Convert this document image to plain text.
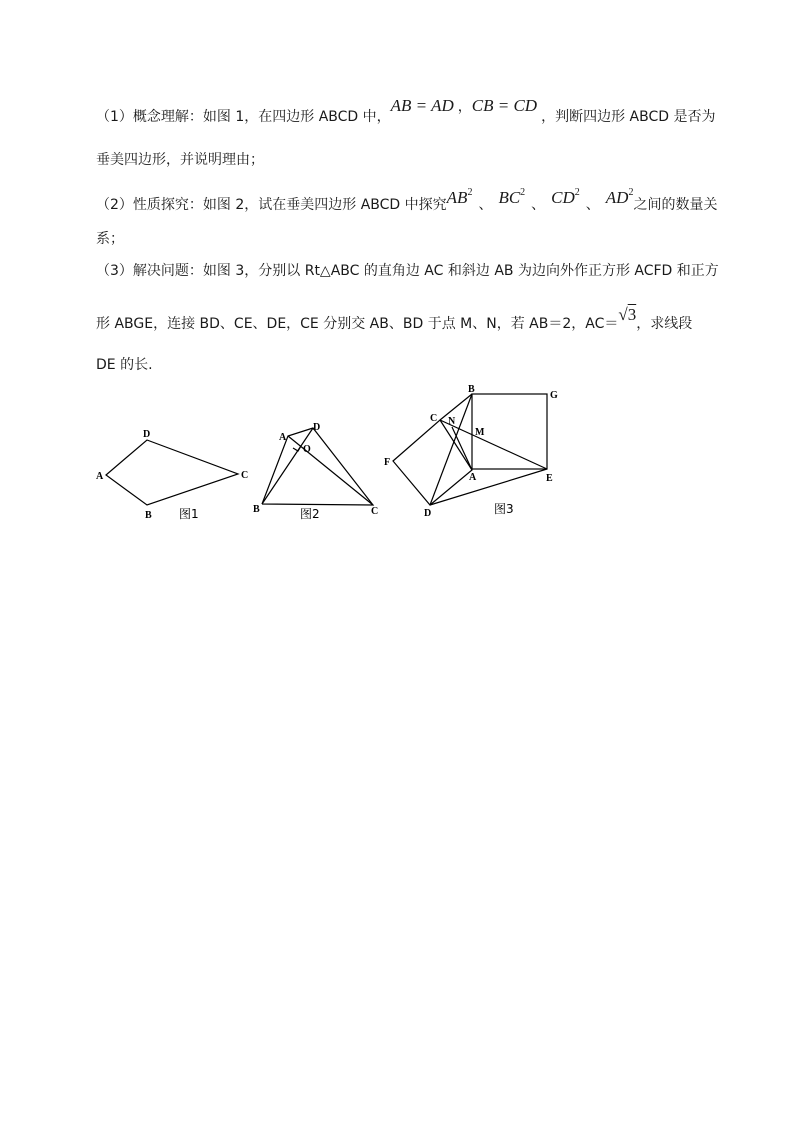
（1）概念理解：如图 1，在四边形 ABCD 中，AB = AD ，CB = CD，判断四边形 ABCD 是否为
垂美四边形，并说明理由；
（2）性质探究：如图 2，试在垂美四边形 ABCD 中探究$AB^2$、 $BC^2$、 $CD^2$、 $AD^2$之间的数量关
系；
（3）解决问题：如图 3，分别以 Rt△ABC 的直角边 AC 和斜边 AB 为边向外作正方形 ACFD 和正方
形 ABGE，连接 BD、CE、DE，CE 分别交 AB、BD 于点 M、N，若 AB＝2，AC＝√3，求线段
DE 的长.
A
B
C
D	A
B	C
D
O
A
B
C
D
E
F
G
M
N
图1	图2	图3
